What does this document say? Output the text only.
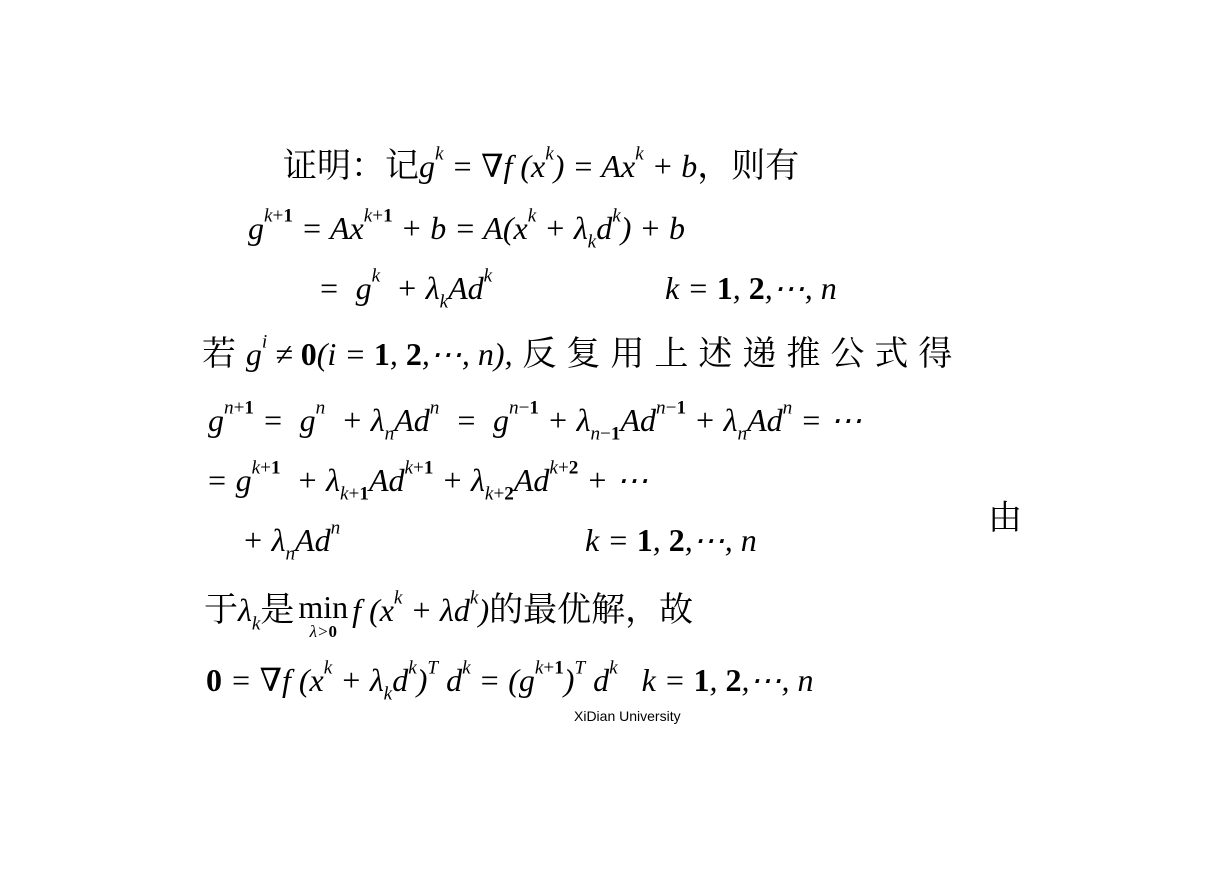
证明：记$g^k = \nabla f$ $(x^k) = Ax^k + b$，则有
$g^{k+1} = Ax^{k+1} + b = A(x^k + \lambda_kd^k) + b$
=  $g^k + \lambda_kAd^k$	k = 1, 2,⋯, n
若 $g^i \ne 0(i = 1$, 2,⋯, n), 反复用上述递推公式得
$g^{n+1} = g^n + \lambda_nAd^n = g^{n-1} + \lambda_{n-1}Ad^{n-1} + \lambda_nAd^n$ = ⋯
= $g^{k+1} + \lambda_{k+1}Ad^{k+1} + \lambda_{k+2}Ad^{k+2}$ + ⋯
由
+ $\lambda_nAd^n$	k = 1, 2,⋯, n
于$\lambda_k$是 min
λ>0
f $(x^k + \lambda d^k)$的最优解，故
0 = ∇f $(x^k + \lambda_kd^k)^T$ $d^k = (g^{k+1})^T$ $d^k$   k = 1, 2,⋯, n
XiDian University
